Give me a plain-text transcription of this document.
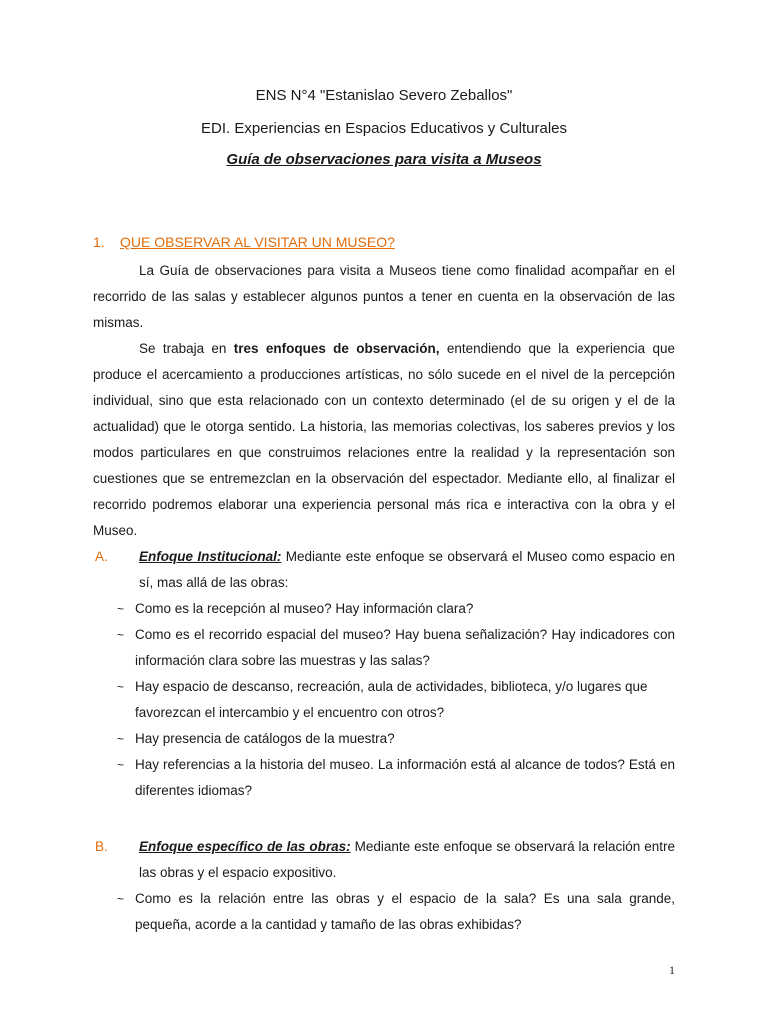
ENS N°4 "Estanislao Severo Zeballos"
EDI. Experiencias en Espacios Educativos y Culturales
Guía de observaciones para visita a Museos
1. QUE OBSERVAR AL VISITAR UN MUSEO?

La Guía de observaciones para visita a Museos tiene como finalidad acompañar en el recorrido de las salas y establecer algunos puntos a tener en cuenta en la observación de las mismas.

Se trabaja en tres enfoques de observación, entendiendo que la experiencia que produce el acercamiento a producciones artísticas, no sólo sucede en el nivel de la percepción individual, sino que esta relacionado con un contexto determinado (el de su origen y el de la actualidad) que le otorga sentido. La historia, las memorias colectivas, los saberes previos y los modos particulares en que construimos relaciones entre la realidad y la representación son cuestiones que se entremezclan en la observación del espectador. Mediante ello, al finalizar el recorrido podremos elaborar una experiencia personal más rica e interactiva con la obra y el Museo.

A. Enfoque Institucional: Mediante este enfoque se observará el Museo como espacio en sí, mas allá de las obras:

~ Como es la recepción al museo? Hay información clara?

~ Como es el recorrido espacial del museo? Hay buena señalización? Hay indicadores con información clara sobre las muestras y las salas?

~ Hay espacio de descanso, recreación, aula de actividades, biblioteca, y/o lugares que

favorezcan el intercambio y el encuentro con otros?

~ Hay presencia de catálogos de la muestra?

~ Hay referencias a la historia del museo. La información está al alcance de todos? Está en diferentes idiomas?

B. Enfoque específico de las obras: Mediante este enfoque se observará la relación entre las obras y el espacio expositivo.

~ Como es la relación entre las obras y el espacio de la sala? Es una sala grande, pequeña, acorde a la cantidad y tamaño de las obras exhibidas?

1
